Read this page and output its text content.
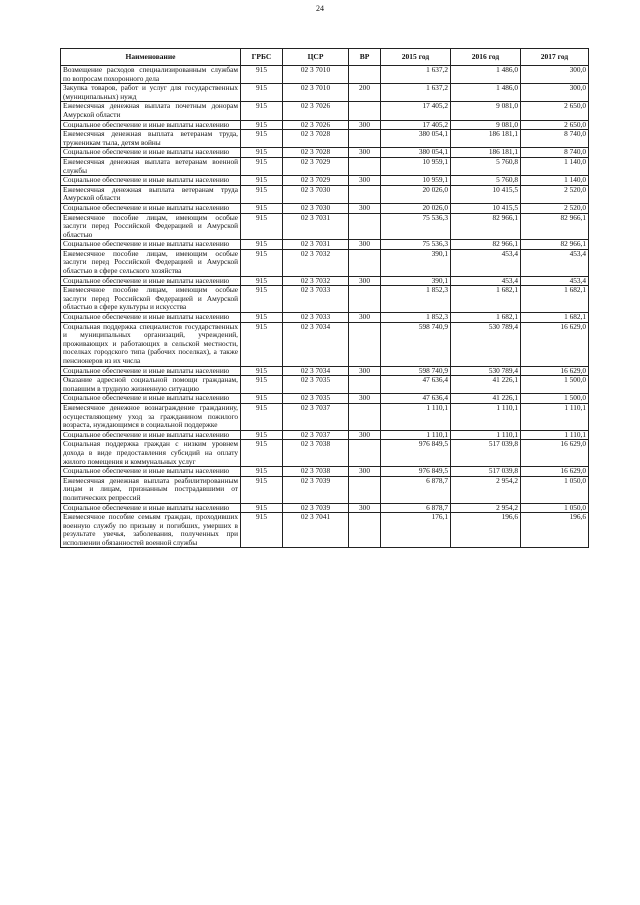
24
Наименование	ГРБС	ЦСР	ВР	2015 год	2016 год	2017 год
Возмещение расходов специализированным службам по вопросам похоронного дела	915	02 3 7010		1 637,2	1 486,0	300,0
Закупка товаров, работ и услуг для государственных (муниципальных) нужд	915	02 3 7010	200	1 637,2	1 486,0	300,0
Ежемесячная денежная выплата почетным донорам Амурской области	915	02 3 7026		17 405,2	9 081,0	2 650,0
Социальное обеспечение и иные выплаты населению	915	02 3 7026	300	17 405,2	9 081,0	2 650,0
Ежемесячная денежная выплата ветеранам труда, труженикам тыла, детям войны	915	02 3 7028		380 054,1	186 181,1	8 740,0
Социальное обеспечение и иные выплаты населению	915	02 3 7028	300	380 054,1	186 181,1	8 740,0
Ежемесячная денежная выплата ветеранам военной службы	915	02 3 7029		10 959,1	5 760,8	1 140,0
Социальное обеспечение и иные выплаты населению	915	02 3 7029	300	10 959,1	5 760,8	1 140,0
Ежемесячная денежная выплата ветеранам труда Амурской области	915	02 3 7030		20 026,0	10 415,5	2 520,0
Социальное обеспечение и иные выплаты населению	915	02 3 7030	300	20 026,0	10 415,5	2 520,0
Ежемесячное пособие лицам, имеющим особые заслуги перед Российской Федерацией и Амурской областью	915	02 3 7031		75 536,3	82 966,1	82 966,1
Социальное обеспечение и иные выплаты населению	915	02 3 7031	300	75 536,3	82 966,1	82 966,1
Ежемесячное пособие лицам, имеющим особые заслуги перед Российской Федерацией и Амурской областью в сфере сельского хозяйства	915	02 3 7032		390,1	453,4	453,4
Социальное обеспечение и иные выплаты населению	915	02 3 7032	300	390,1	453,4	453,4
Ежемесячное пособие лицам, имеющим особые заслуги перед Российской Федерацией и Амурской областью в сфере культуры и искусства	915	02 3 7033		1 852,3	1 682,1	1 682,1
Социальное обеспечение и иные выплаты населению	915	02 3 7033	300	1 852,3	1 682,1	1 682,1
Социальная поддержка специалистов государственных и муниципальных организаций, учреждений, проживающих и работающих в сельской местности, поселках городского типа (рабочих поселках), а также пенсионеров из их числа	915	02 3 7034		598 740,9	530 789,4	16 629,0
Социальное обеспечение и иные выплаты населению	915	02 3 7034	300	598 740,9	530 789,4	16 629,0
Оказание адресной социальной помощи гражданам, попавшим в трудную жизненную ситуацию	915	02 3 7035		47 636,4	41 226,1	1 500,0
Социальное обеспечение и иные выплаты населению	915	02 3 7035	300	47 636,4	41 226,1	1 500,0
Ежемесячное денежное вознаграждение гражданину, осуществляющему уход за гражданином пожилого возраста, нуждающимся в социальной поддержке	915	02 3 7037		1 110,1	1 110,1	1 110,1
Социальное обеспечение и иные выплаты населению	915	02 3 7037	300	1 110,1	1 110,1	1 110,1
Социальная поддержка граждан с низким уровнем дохода в виде предоставления субсидий на оплату жилого помещения и коммунальных услуг	915	02 3 7038		976 849,5	517 039,8	16 629,0
Социальное обеспечение и иные выплаты населению	915	02 3 7038	300	976 849,5	517 039,8	16 629,0
Ежемесячная денежная выплата реабилитированным лицам и лицам, признанным пострадавшими от политических репрессий	915	02 3 7039		6 878,7	2 954,2	1 050,0
Социальное обеспечение и иные выплаты населению	915	02 3 7039	300	6 878,7	2 954,2	1 050,0
Ежемесячное пособие семьям граждан, проходивших военную службу по призыву и погибших, умерших в результате увечья, заболевания, полученных при исполнении обязанностей военной службы	915	02 3 7041		176,1	196,6	196,6
